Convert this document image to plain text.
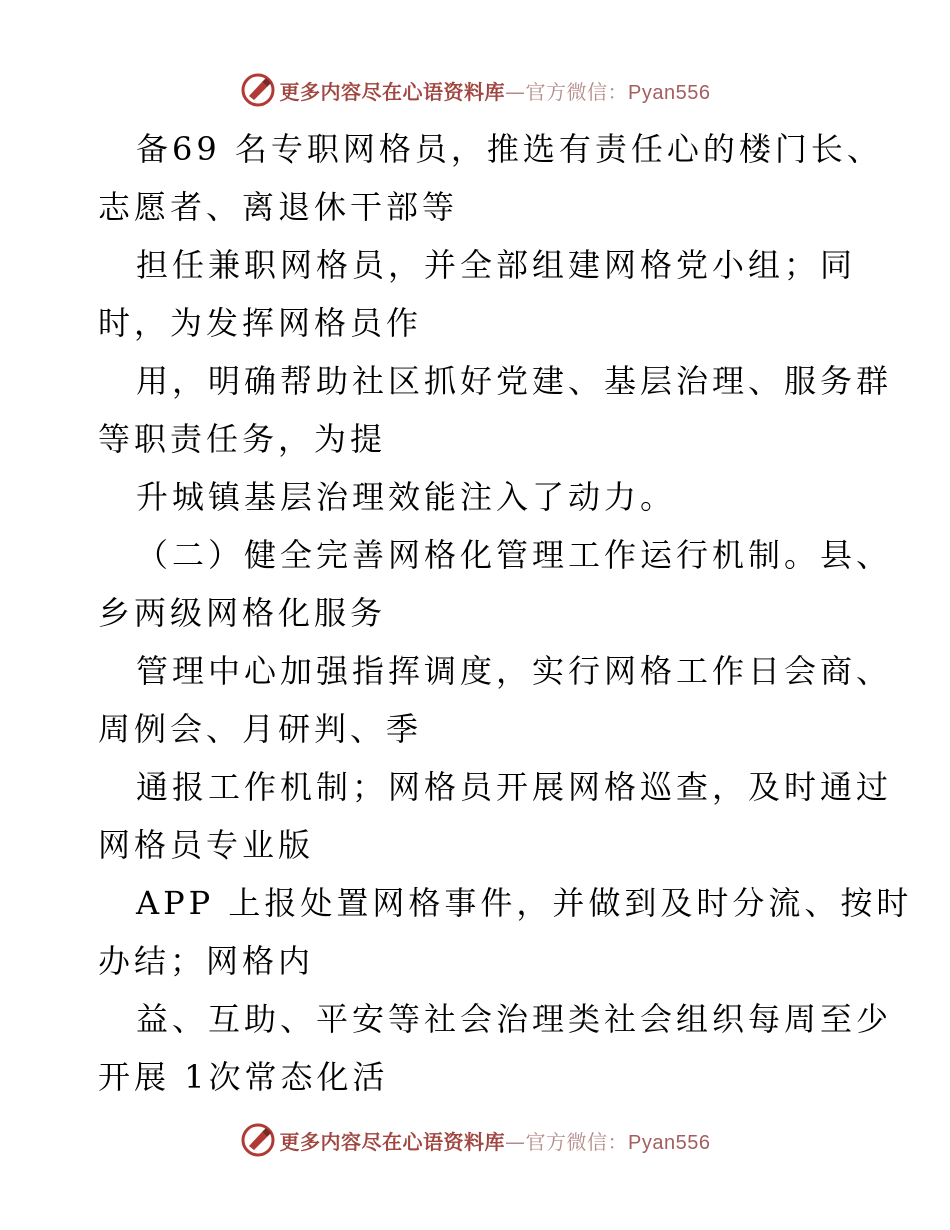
更多内容尽在心语资料库—官方微信：Pyan556
备69 名专职网格员，推选有责任心的楼门长、
志愿者、离退休干部等
担任兼职网格员，并全部组建网格党小组；同
时，为发挥网格员作
用，明确帮助社区抓好党建、基层治理、服务群
等职责任务，为提
升城镇基层治理效能注入了动力。
（二）健全完善网格化管理工作运行机制。县、
乡两级网格化服务
管理中心加强指挥调度，实行网格工作日会商、
周例会、月研判、季
通报工作机制；网格员开展网格巡查，及时通过
网格员专业版
APP 上报处置网格事件，并做到及时分流、按时
办结；网格内
益、互助、平安等社会治理类社会组织每周至少
开展 1次常态化活
更多内容尽在心语资料库—官方微信：Pyan556
